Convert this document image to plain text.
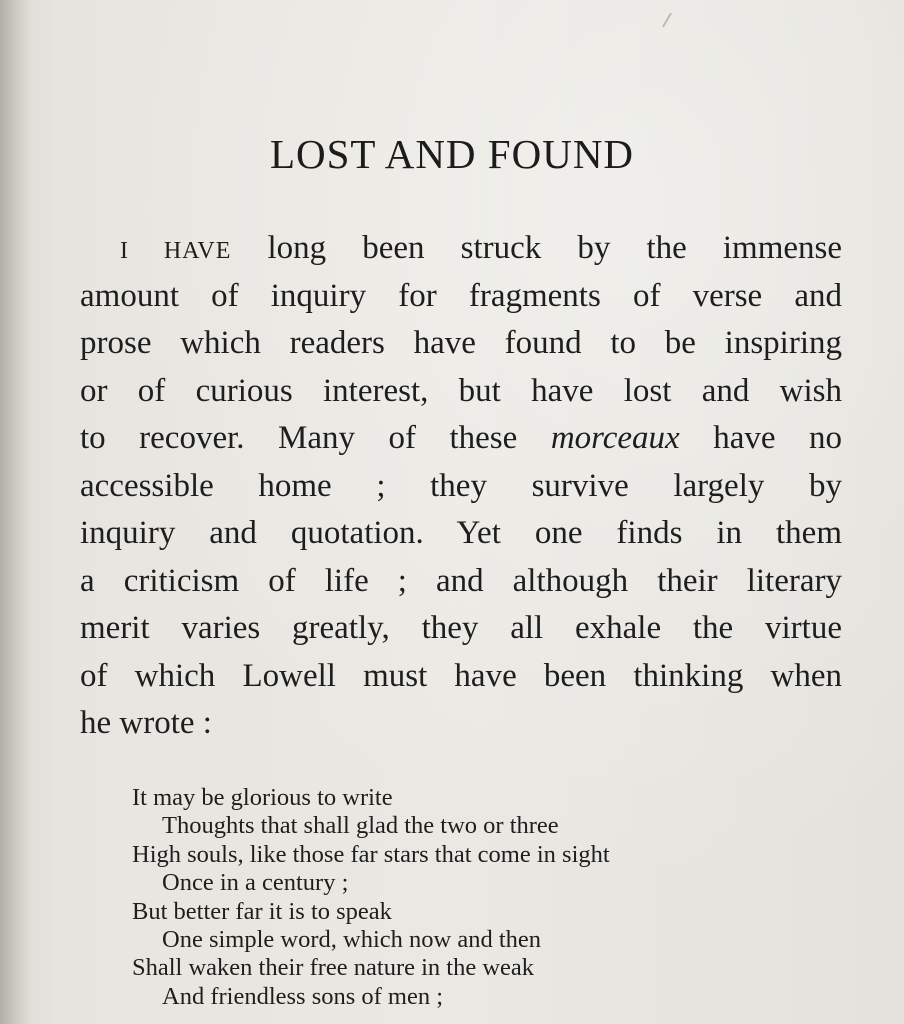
LOST AND FOUND
I HAVE long been struck by the immense
amount of inquiry for fragments of verse and
prose which readers have found to be inspiring
or of curious interest, but have lost and wish
to recover. Many of these morceaux have no
accessible home ; they survive largely by
inquiry and quotation. Yet one finds in them
a criticism of life ; and although their literary
merit varies greatly, they all exhale the virtue
of which Lowell must have been thinking when
he wrote :
It may be glorious to write
Thoughts that shall glad the two or three
High souls, like those far stars that come in sight
Once in a century ;
But better far it is to speak
One simple word, which now and then
Shall waken their free nature in the weak
And friendless sons of men ;
